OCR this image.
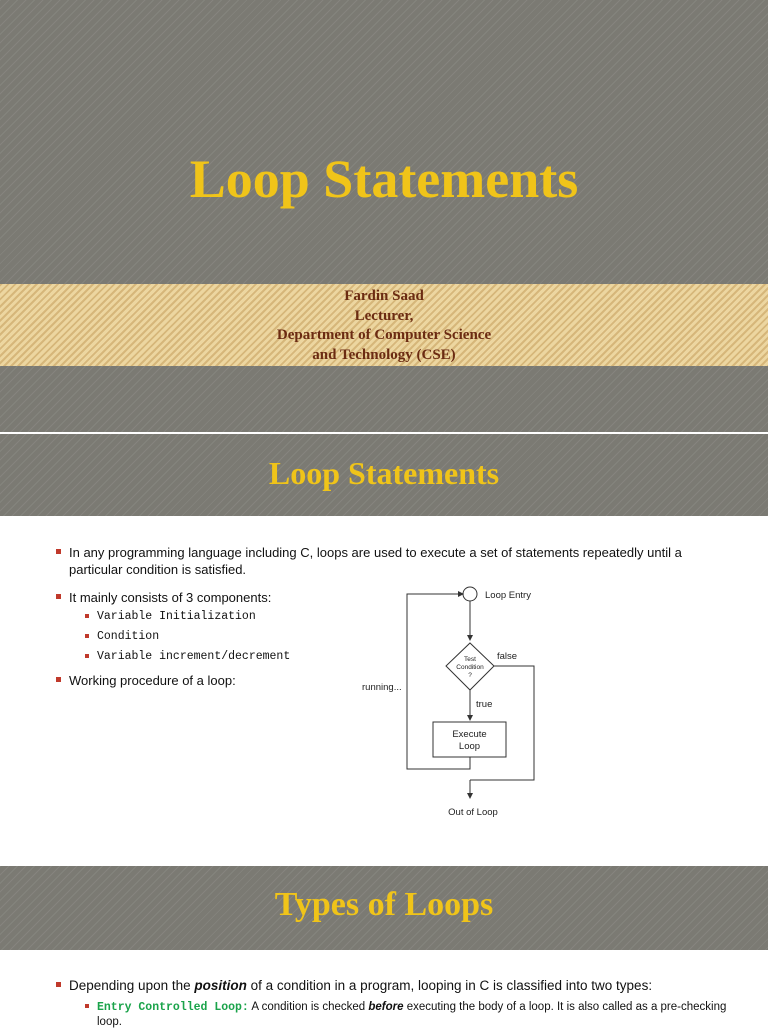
Loop Statements
Fardin Saad
Lecturer,
Department of Computer Science
and Technology (CSE)
Loop Statements
In any programming language including C, loops are used to execute a set of statements repeatedly until a particular condition is satisfied.
It mainly consists of 3 components:
Variable Initialization
Condition
Variable increment/decrement
Working procedure of a loop:
Loop Entry
Test
Condition
?
false
true
Execute
Loop
running...
Out of Loop
Types of Loops
Depending upon the position of a condition in a program, looping in C is classified into two types:
Entry Controlled Loop: A condition is checked before executing the body of a loop. It is also called as a pre-checking loop.
